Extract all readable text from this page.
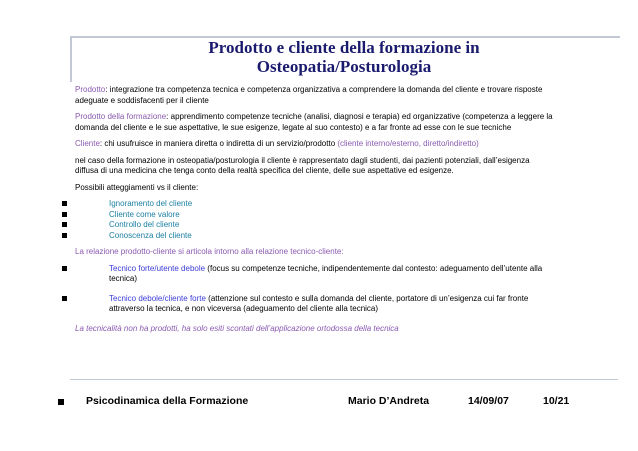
Prodotto e cliente della formazione in
Osteopatia/Posturologia

Prodotto: integrazione tra competenza tecnica e competenza organizzativa a comprendere la domanda del cliente e trovare risposte adeguate e soddisfacenti per il cliente

Prodotto della formazione: apprendimento competenze tecniche (analisi, diagnosi e terapia) ed organizzative (competenza a leggere la domanda del cliente e le sue aspettative, le sue esigenze, legate al suo contesto) e a far fronte ad esse con le sue tecniche

Cliente: chi usufruisce in maniera diretta o indiretta di un servizio/prodotto (cliente interno/esterno, diretto/indiretto)

nel caso della formazione in osteopatia/posturologia il cliente è rappresentato dagli studenti, dai pazienti potenziali, dall’esigenza diffusa di una medicina che tenga conto della realtà specifica del cliente, delle sue aspettative ed esigenze.

Possibili atteggiamenti vs il cliente:

Ignoramento del cliente
Cliente come valore
Controllo del cliente
Conoscenza del cliente

La relazione prodotto-cliente si articola intorno alla relazione tecnico-cliente:

Tecnico forte/utente debole (focus su competenze tecniche, indipendentemente dal contesto: adeguamento dell’utente alla tecnica)
Tecnico debole/cliente forte (attenzione sul contesto e sulla domanda del cliente, portatore di un’esigenza cui far fronte attraverso la tecnica, e non viceversa (adeguamento del cliente alla tecnica)

La tecnicalità non ha prodotti, ha solo esiti scontati dell’applicazione ortodossa della tecnica

Psicodinamica della Formazione	Mario D’Andreta	14/09/07	10/21
